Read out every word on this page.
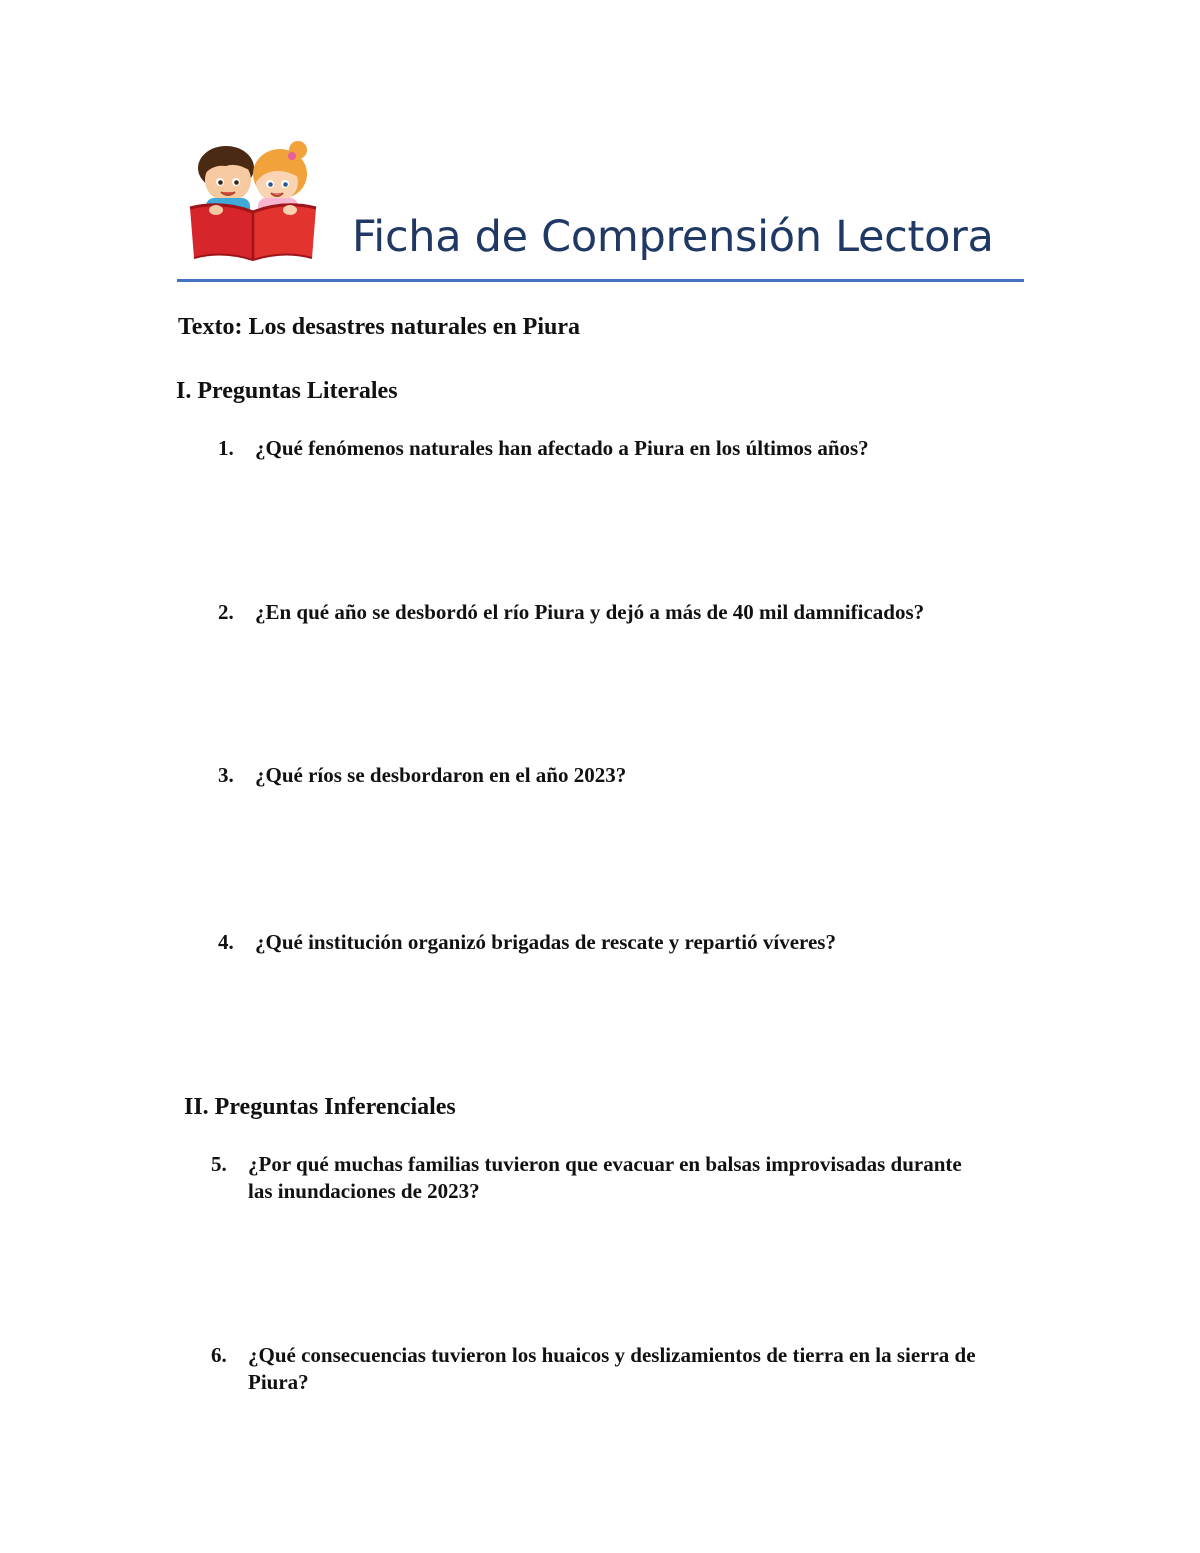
Ficha de Comprensión Lectora
Texto: Los desastres naturales en Piura
I. Preguntas Literales
1.	¿Qué fenómenos naturales han afectado a Piura en los últimos años?
2.	¿En qué año se desbordó el río Piura y dejó a más de 40 mil damnificados?
3.	¿Qué ríos se desbordaron en el año 2023?
4.	¿Qué institución organizó brigadas de rescate y repartió víveres?
II. Preguntas Inferenciales
5.	¿Por qué muchas familias tuvieron que evacuar en balsas improvisadas durante las inundaciones de 2023?
6.	¿Qué consecuencias tuvieron los huaicos y deslizamientos de tierra en la sierra de Piura?
